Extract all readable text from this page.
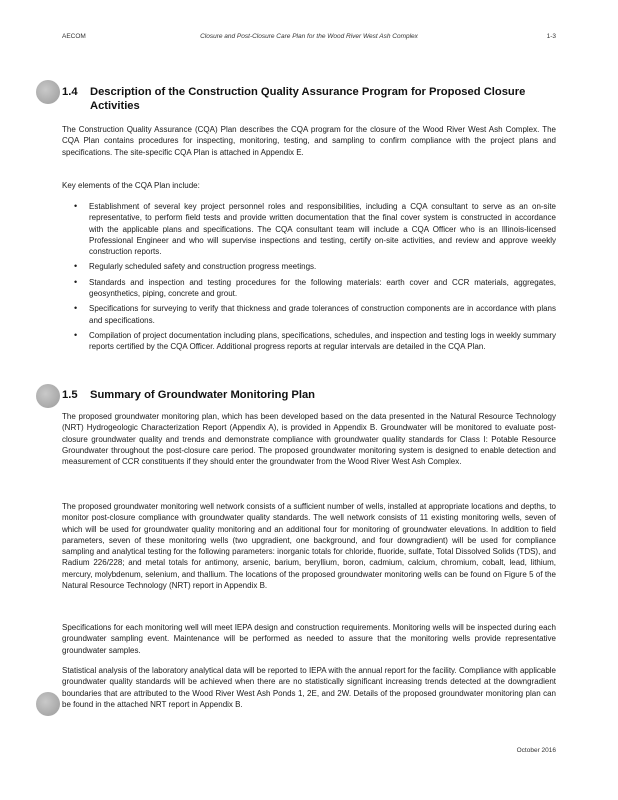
AECOM	Closure and Post-Closure Care Plan for the Wood River West Ash Complex	1-3
1.4 Description of the Construction Quality Assurance Program for Proposed Closure Activities

The Construction Quality Assurance (CQA) Plan describes the CQA program for the closure of the Wood River West Ash Complex. The CQA Plan contains procedures for inspecting, monitoring, testing, and sampling to confirm compliance with the project plans and specifications. The site-specific CQA Plan is attached in Appendix E.

Key elements of the CQA Plan include:
• Establishment of several key project personnel roles and responsibilities, including a CQA consultant to serve as an on-site representative, to perform field tests and provide written documentation that the final cover system is constructed in accordance with the applicable plans and specifications. The CQA consultant team will include a CQA Officer who is an Illinois-licensed Professional Engineer and who will supervise inspections and testing, certify on-site activities, and review and approve weekly construction reports.
• Regularly scheduled safety and construction progress meetings.
• Standards and inspection and testing procedures for the following materials: earth cover and CCR materials, aggregates, geosynthetics, piping, concrete and grout.
• Specifications for surveying to verify that thickness and grade tolerances of construction components are in accordance with plans and specifications.
• Compilation of project documentation including plans, specifications, schedules, and inspection and testing logs in weekly summary reports certified by the CQA Officer. Additional progress reports at regular intervals are detailed in the CQA Plan.
1.5 Summary of Groundwater Monitoring Plan

The proposed groundwater monitoring plan, which has been developed based on the data presented in the Natural Resource Technology (NRT) Hydrogeologic Characterization Report (Appendix A), is provided in Appendix B. Groundwater will be monitored to evaluate post-closure groundwater quality and trends and demonstrate compliance with groundwater quality standards for Class I: Potable Resource Groundwater throughout the post-closure care period. The proposed groundwater monitoring system is designed to enable detection and measurement of CCR constituents if they should enter the groundwater from the Wood River West Ash Complex.

The proposed groundwater monitoring well network consists of a sufficient number of wells, installed at appropriate locations and depths, to monitor post-closure compliance with groundwater quality standards. The well network consists of 11 existing monitoring wells, seven of which will be used for groundwater quality monitoring and an additional four for monitoring of groundwater elevations. In addition to field parameters, seven of these monitoring wells (two upgradient, one background, and four downgradient) will be used for compliance sampling and analytical testing for the following parameters: inorganic totals for chloride, fluoride, sulfate, Total Dissolved Solids (TDS), and Radium 226/228; and metal totals for antimony, arsenic, barium, beryllium, boron, cadmium, calcium, chromium, cobalt, lead, lithium, mercury, molybdenum, selenium, and thallium. The locations of the proposed groundwater monitoring wells can be found on Figure 5 of the Natural Resource Technology (NRT) report in Appendix B.

Specifications for each monitoring well will meet IEPA design and construction requirements. Monitoring wells will be inspected during each groundwater sampling event. Maintenance will be performed as needed to assure that the monitoring wells provide representative groundwater samples.

Statistical analysis of the laboratory analytical data will be reported to IEPA with the annual report for the facility. Compliance with applicable groundwater quality standards will be achieved when there are no statistically significant increasing trends detected at the downgradient boundaries that are attributed to the Wood River West Ash Ponds 1, 2E, and 2W. Details of the proposed groundwater monitoring plan can be found in the attached NRT report in Appendix B.

October 2016
